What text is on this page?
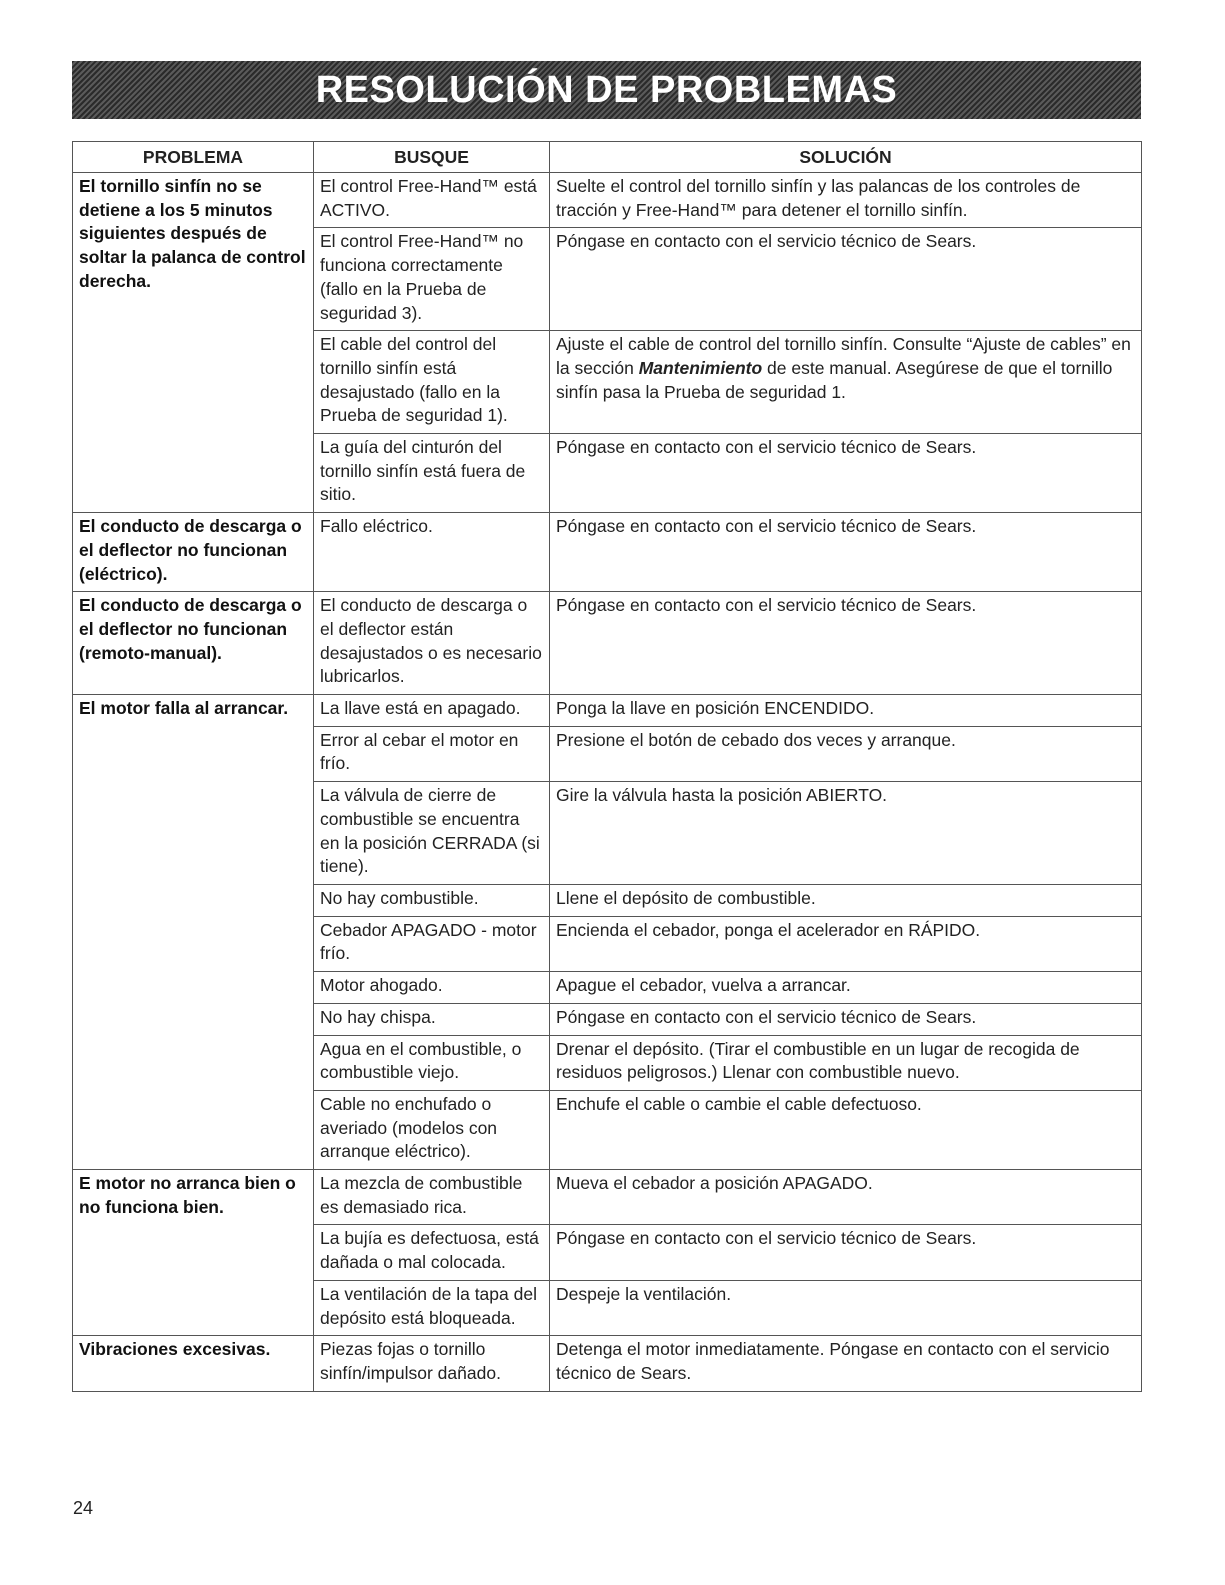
RESOLUCIÓN DE PROBLEMAS
PROBLEMA	BUSQUE	SOLUCIÓN
El tornillo sinfín no se detiene a los 5 minutos siguientes después de soltar la palanca de control derecha.	El control Free-Hand™ está ACTIVO.	Suelte el control del tornillo sinfín y las palancas de los controles de tracción y Free-Hand™ para detener el tornillo sinfín.
	El control Free-Hand™ no funciona correctamente (fallo en la Prueba de seguridad 3).	Póngase en contacto con el servicio técnico de Sears.
	El cable del control del tornillo sinfín está desajustado (fallo en la Prueba de seguridad 1).	Ajuste el cable de control del tornillo sinfín. Consulte “Ajuste de cables” en la sección Mantenimiento de este manual. Asegúrese de que el tornillo sinfín pasa la Prueba de seguridad 1.
	La guía del cinturón del tornillo sinfín está fuera de sitio.	Póngase en contacto con el servicio técnico de Sears.
El conducto de descarga o el deflector no funcionan (eléctrico).	Fallo eléctrico.	Póngase en contacto con el servicio técnico de Sears.
El conducto de descarga o el deflector no funcionan (remoto-manual).	El conducto de descarga o el deflector están desajustados o es necesario lubricarlos.	Póngase en contacto con el servicio técnico de Sears.
El motor falla al arrancar.	La llave está en apagado.	Ponga la llave en posición ENCENDIDO.
	Error al cebar el motor en frío.	Presione el botón de cebado dos veces y arranque.
	La válvula de cierre de combustible se encuentra en la posición CERRADA (si tiene).	Gire la válvula hasta la posición ABIERTO.
	No hay combustible.	Llene el depósito de combustible.
	Cebador APAGADO - motor frío.	Encienda el cebador, ponga el acelerador en RÁPIDO.
	Motor ahogado.	Apague el cebador, vuelva a arrancar.
	No hay chispa.	Póngase en contacto con el servicio técnico de Sears.
	Agua en el combustible, o combustible viejo.	Drenar el depósito. (Tirar el combustible en un lugar de recogida de residuos peligrosos.) Llenar con combustible nuevo.
	Cable no enchufado o averiado (modelos con arranque eléctrico).	Enchufe el cable o cambie el cable defectuoso.
E motor no arranca bien o no funciona bien.	La mezcla de combustible es demasiado rica.	Mueva el cebador a posición APAGADO.
	La bujía es defectuosa, está dañada o mal colocada.	Póngase en contacto con el servicio técnico de Sears.
	La ventilación de la tapa del depósito está bloqueada.	Despeje la ventilación.
Vibraciones excesivas.	Piezas fojas o tornillo sinfín/impulsor dañado.	Detenga el motor inmediatamente. Póngase en contacto con el servicio técnico de Sears.
24
